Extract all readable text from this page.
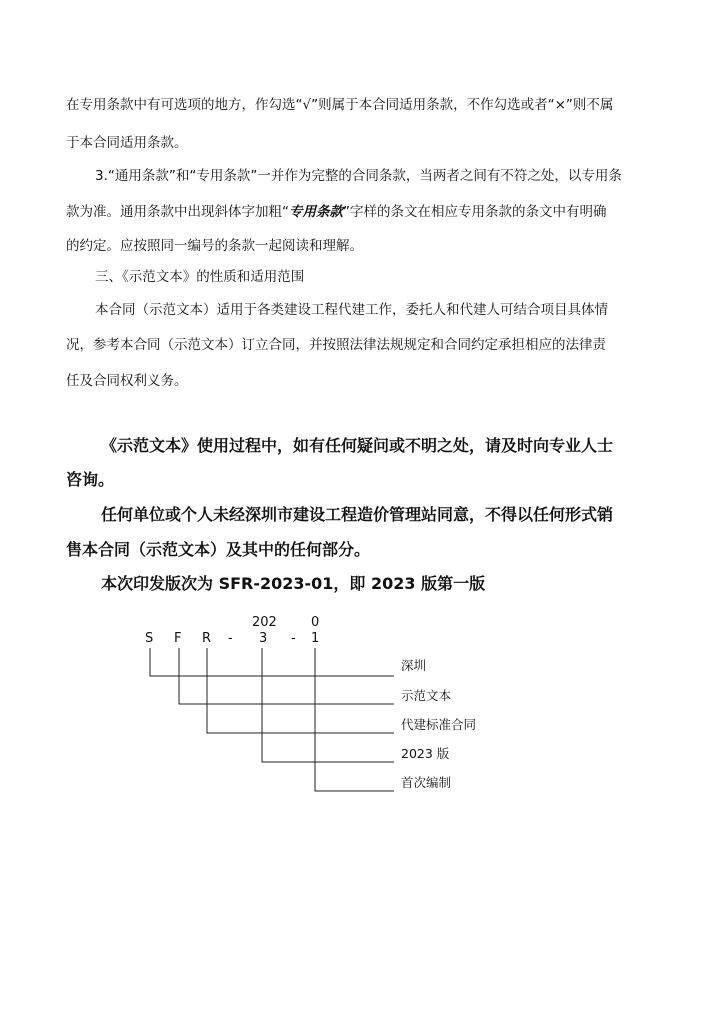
在专用条款中有可选项的地方，作勾选“√”则属于本合同适用条款，不作勾选或者“×”则不属
于本合同适用条款。
3.“通用条款”和“专用条款”一并作为完整的合同条款，当两者之间有不符之处，以专用条
款为准。通用条款中出现斜体字加粗“专用条款”字样的条文在相应专用条款的条文中有明确
的约定。应按照同一编号的条款一起阅读和理解。
三、《示范文本》的性质和适用范围
本合同（示范文本）适用于各类建设工程代建工作，委托人和代建人可结合项目具体情
况，参考本合同（示范文本）订立合同，并按照法律法规规定和合同约定承担相应的法律责
任及合同权利义务。
《示范文本》使用过程中，如有任何疑问或不明之处，请及时向专业人士
咨询。
任何单位或个人未经深圳市建设工程造价管理站同意，不得以任何形式销
售本合同（示范文本）及其中的任何部分。
本次印发版次为 SFR-2023-01，即 2023 版第一版
202	0
S F R - 3 - 1
深圳
示范文本
代建标准合同
2023 版
首次编制
